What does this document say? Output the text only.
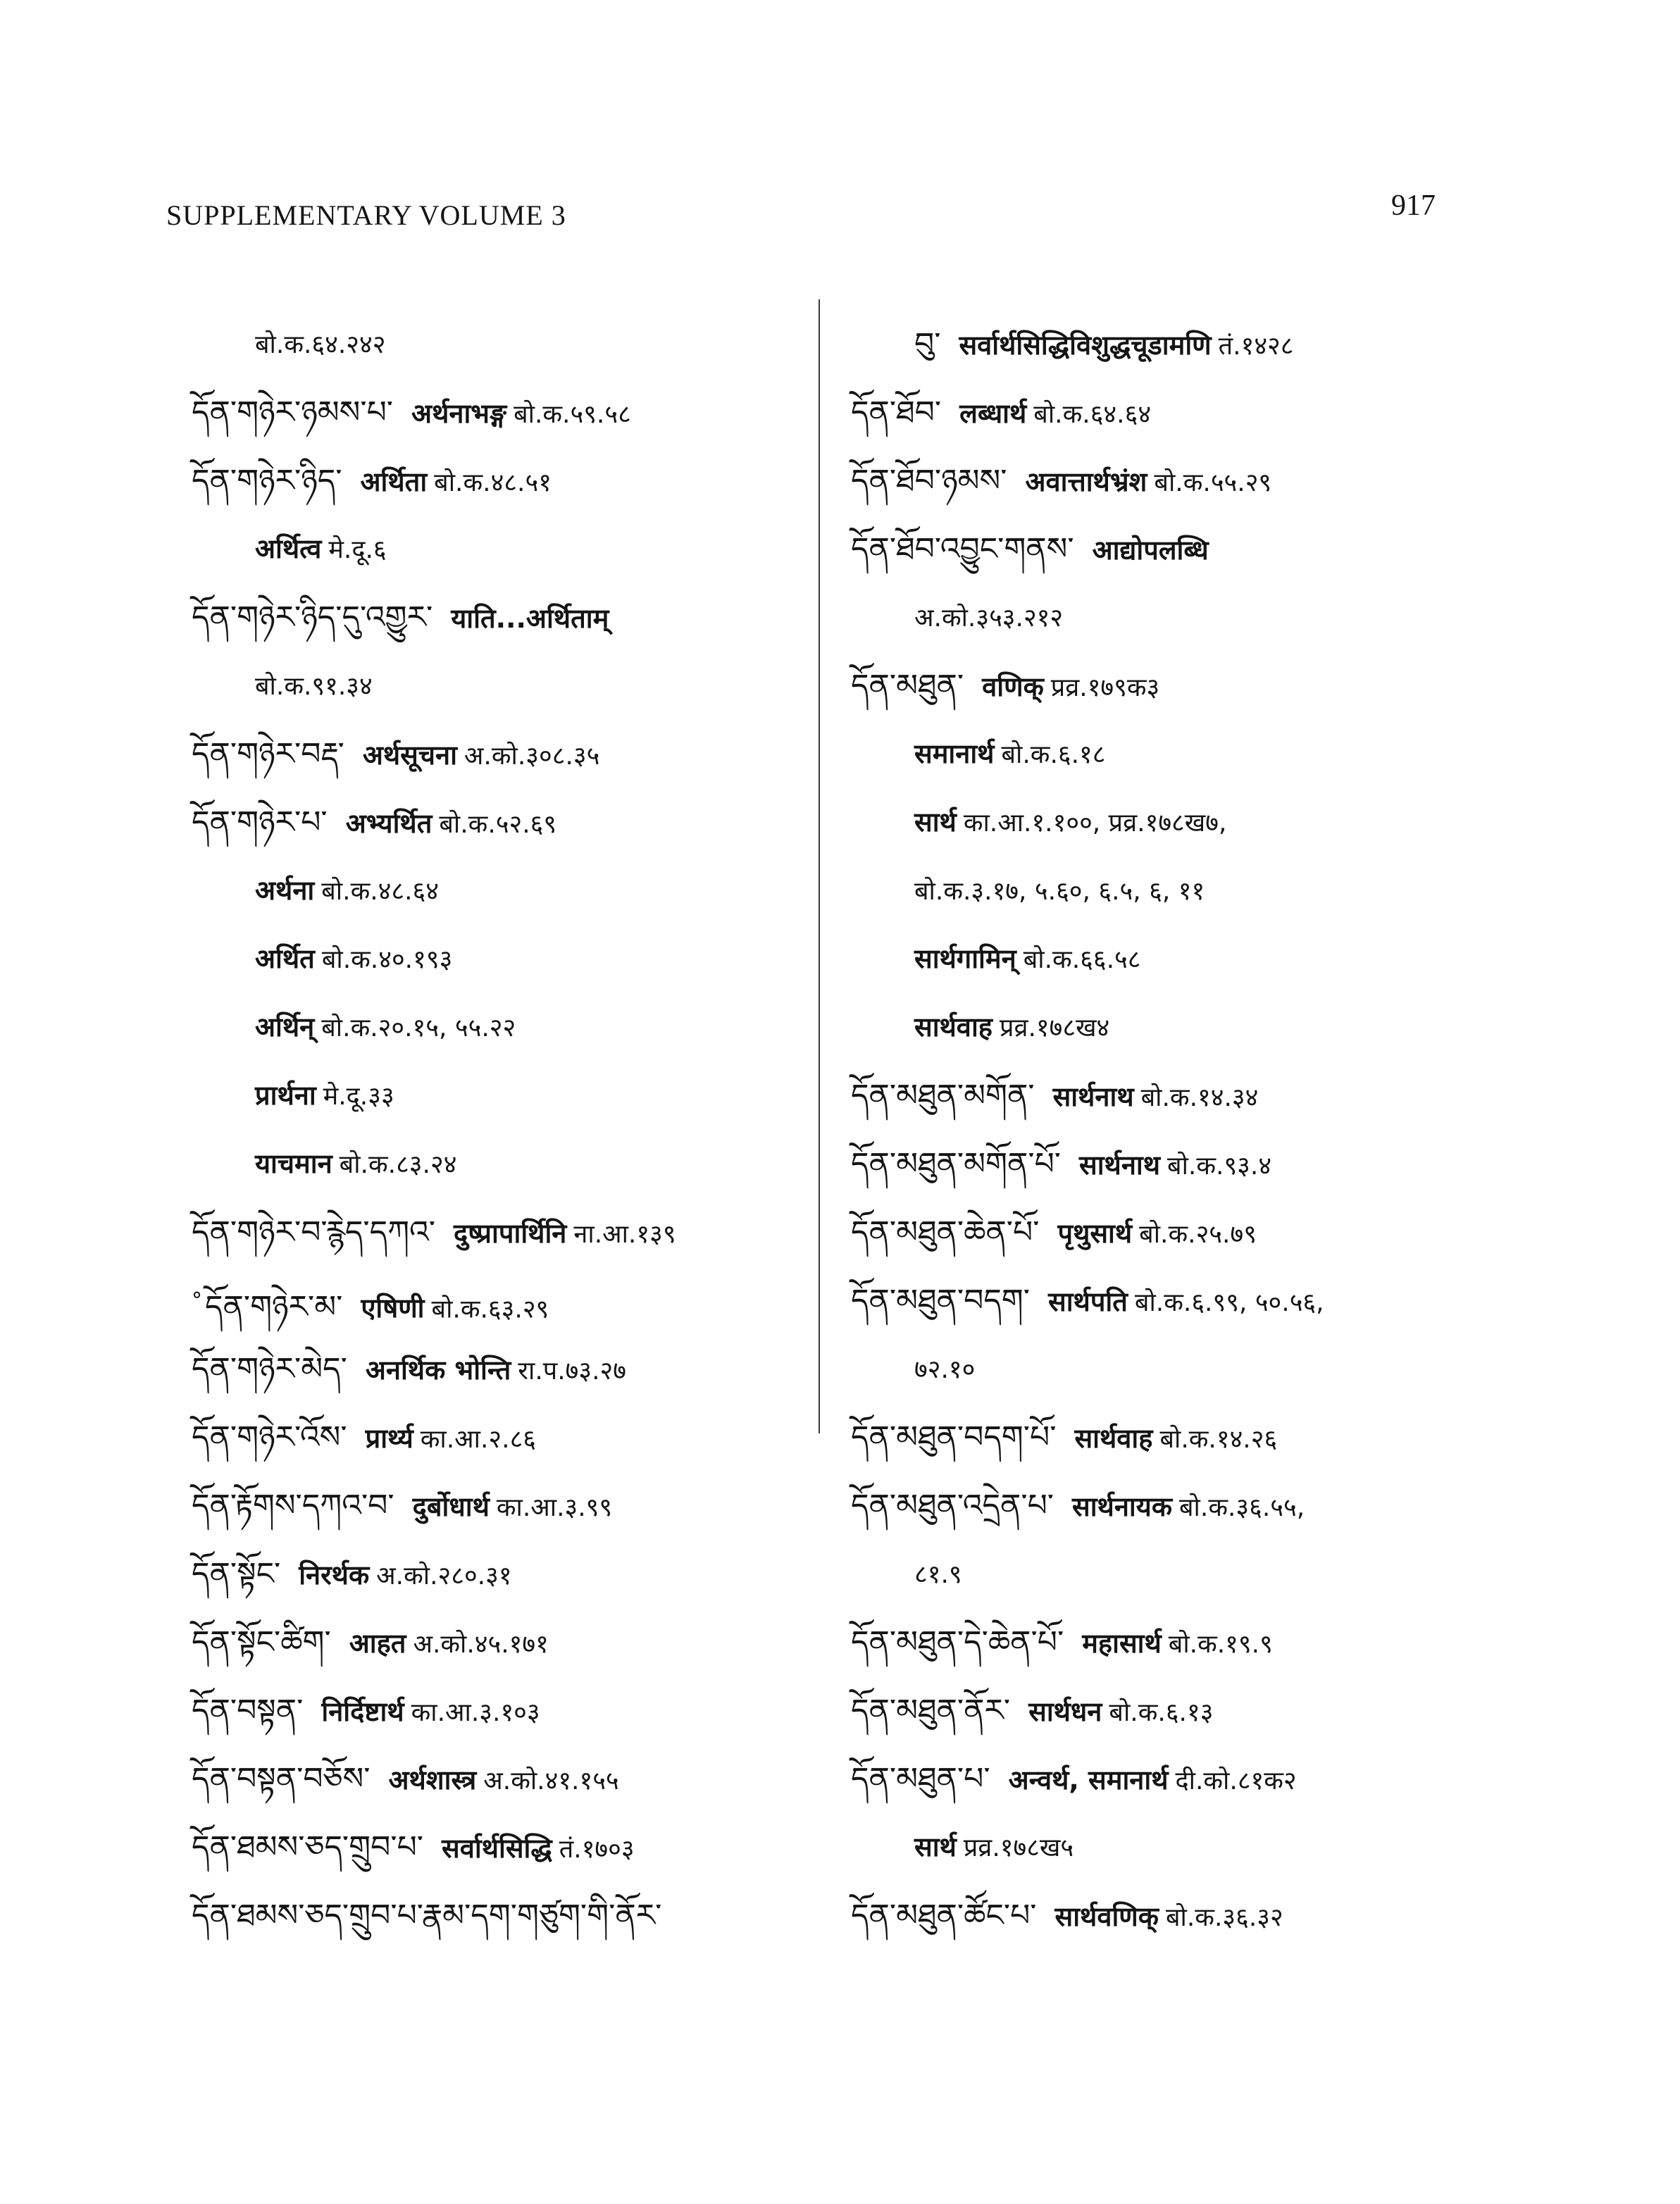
SUPPLEMENTARY VOLUME 3	917
बो.क.६४.२४२
དོན་གཉེར་ཉམས་པ་ अर्थनाभङ्ग बो.क.५९.५८
དོན་གཉེར་ཉིད་ अर्थिता बो.क.४८.५१
अर्थित्व मे.दू.६
དོན་གཉེར་ཉིད་དུ་འགྱུར་ याति...अर्थिताम्
बो.क.९१.३४
དོན་གཉེར་བརྡ་ अर्थसूचना अ.को.३०८.३५
དོན་གཉེར་པ་ अभ्यर्थित बो.क.५२.६९
अर्थना बो.क.४८.६४
अर्थित बो.क.४०.१९३
अर्थिन् बो.क.२०.१५, ५५.२२
प्रार्थना मे.दू.३३
याचमान बो.क.८३.२४
དོན་གཉེར་བ་རྙེད་དཀའ་ दुष्प्रापार्थिनि ना.आ.१३९
°དོན་གཉེར་མ་ एषिणी बो.क.६३.२९
དོན་གཉེར་མེད་ अनर्थिक भोन्ति रा.प.७३.२७
དོན་གཉེར་འོས་ प्रार्थ्य का.आ.२.८६
དོན་རྟོགས་དཀའ་བ་ दुर्बोधार्थ का.आ.३.९९
དོན་སྟོང་ निरर्थक अ.को.२८०.३१
དོན་སྟོང་ཚིག་ आहत अ.को.४५.१७१
དོན་བསྟན་ निर्दिष्टार्थ का.आ.३.१०३
དོན་བསྟན་བཅོས་ अर्थशास्त्र अ.को.४१.१५५
དོན་ཐམས་ཅད་གྲུབ་པ་ सर्वार्थसिद्धि तं.१७०३
དོན་ཐམས་ཅད་གྲུབ་པ་རྣམ་དག་གཙུག་གི་ནོར་
བུ་ सर्वार्थसिद्धिविशुद्धचूडामणि तं.१४२८
དོན་ཐོབ་ लब्धार्थ बो.क.६४.६४
དོན་ཐོབ་ཉམས་ अवात्तार्थभ्रंश बो.क.५५.२९
དོན་ཐོབ་འབྱུང་གནས་ आद्योपलब्धि
अ.को.३५३.२१२
དོན་མཐུན་ वणिक् प्रव्र.१७९क३
समानार्थ बो.क.६.१८
सार्थ का.आ.१.१००, प्रव्र.१७८ख७,
बो.क.३.१७, ५.६०, ६.५, ६, ११
सार्थगामिन् बो.क.६६.५८
सार्थवाह प्रव्र.१७८ख४
དོན་མཐུན་མགོན་ सार्थनाथ बो.क.१४.३४
དོན་མཐུན་མགོན་པོ་ सार्थनाथ बो.क.९३.४
དོན་མཐུན་ཆེན་པོ་ पृथुसार्थ बो.क.२५.७९
དོན་མཐུན་བདག་ सार्थपति बो.क.६.९९, ५०.५६,
७२.१०
དོན་མཐུན་བདག་པོ་ सार्थवाह बो.क.१४.२६
དོན་མཐུན་འདྲེན་པ་ सार्थनायक बो.क.३६.५५,
८१.९
དོན་མཐུན་དེ་ཆེན་པོ་ महासार्थ बो.क.१९.९
དོན་མཐུན་ནོར་ सार्थधन बो.क.६.१३
དོན་མཐུན་པ་ अन्वर्थ, समानार्थ दी.को.८१क२
सार्थ प्रव्र.१७८ख५
དོན་མཐུན་ཚོང་པ་ सार्थवणिक् बो.क.३६.३२
